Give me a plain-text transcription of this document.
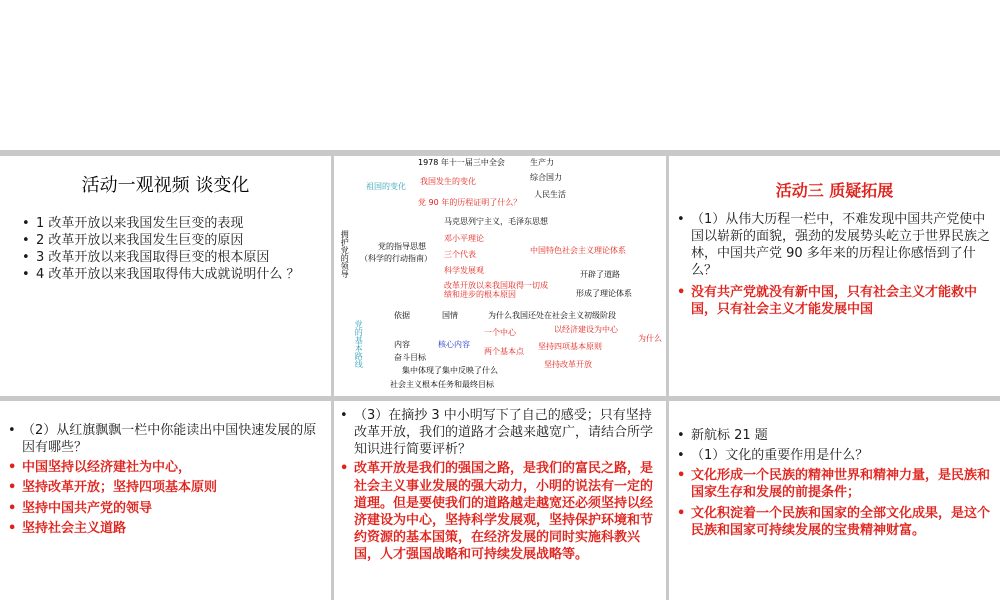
活动一观视频 谈变化
• 1 改革开放以来我国发生巨变的表现
• 2 改革开放以来我国发生巨变的原因
• 3 改革开放以来我国取得巨变的根本原因
• 4 改革开放以来我国取得伟大成就说明什么 ？
1978 年十一届三中全会	生产力
综合国力
祖国的变化
我国发生的变化
人民生活
党 90 年的历程证明了什么？
马克思列宁主义，毛泽东思想
拥护党的领导	邓小平理论
党的指导思想
（科学的行动指南） 三个代表	中国特色社会主义理论体系
科学发展观	开辟了道路
改革开放以来我国取得一切成绩和进步的根本原因	形成了理论体系
党的基本路线
依据	国情	为什么我国还处在社会主义初级阶段
一个中心	以经济建设为中心
为什么
内容	核心内容	坚持四项基本原则
两个基本点
奋斗目标
坚持改革开放
集中体现了集中反映了什么
社会主义根本任务和最终目标
活动三 质疑拓展
• （1）从伟大历程一栏中，不难发现中国共产党使中国以崭新的面貌，强劲的发展势头屹立于世界民族之林，中国共产党 90 多年来的历程让你感悟到了什么？
• 没有共产党就没有新中国，只有社会主义才能救中国，只有社会主义才能发展中国
• （2）从红旗飘飘一栏中你能读出中国快速发展的原因有哪些？
• 中国坚持以经济建社为中心，
• 坚持改革开放；坚持四项基本原则
• 坚持中国共产党的领导
• 坚持社会主义道路
• （3）在摘抄 3 中小明写下了自己的感受；只有坚持改革开放，我们的道路才会越来越宽广，请结合所学知识进行简要评析？
• 改革开放是我们的强国之路，是我们的富民之路，是社会主义事业发展的强大动力，小明的说法有一定的道理。但是要使我们的道路越走越宽还必须坚持以经济建设为中心，坚持科学发展观，坚持保护环境和节约资源的基本国策，在经济发展的同时实施科教兴国，人才强国战略和可持续发展战略等。
• 新航标 21 题
• （1）文化的重要作用是什么？
• 文化形成一个民族的精神世界和精神力量，是民族和国家生存和发展的前提条件；
• 文化积淀着一个民族和国家的全部文化成果，是这个民族和国家可持续发展的宝贵精神财富。
